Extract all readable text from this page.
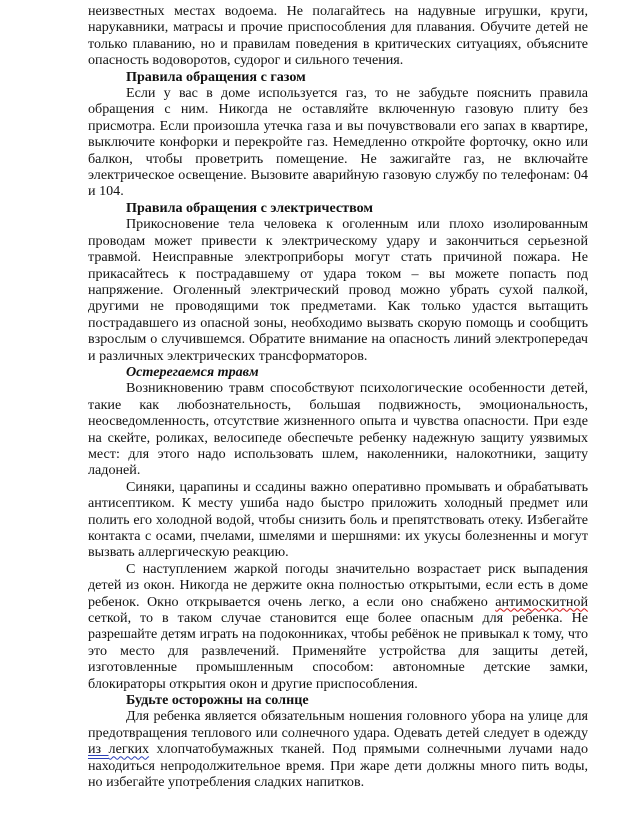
неизвестных местах водоема. Не полагайтесь на надувные игрушки, круги, нарукавники, матрасы и прочие приспособления для плавания. Обучите детей не только плаванию, но и правилам поведения в критических ситуациях, объясните опасность водоворотов, судорог и сильного течения.

Правила обращения с газом

Если у вас в доме используется газ, то не забудьте пояснить правила обращения с ним. Никогда не оставляйте включенную газовую плиту без присмотра. Если произошла утечка газа и вы почувствовали его запах в квартире, выключите конфорки и перекройте газ. Немедленно откройте форточку, окно или балкон, чтобы проветрить помещение. Не зажигайте газ, не включайте электрическое освещение. Вызовите аварийную газовую службу по телефонам: 04 и 104.

Правила обращения с электричеством

Прикосновение тела человека к оголенным или плохо изолированным проводам может привести к электрическому удару и закончиться серьезной травмой. Неисправные электроприборы могут стать причиной пожара. Не прикасайтесь к пострадавшему от удара током – вы можете попасть под напряжение. Оголенный электрический провод можно убрать сухой палкой, другими не проводящими ток предметами. Как только удастся вытащить пострадавшего из опасной зоны, необходимо вызвать скорую помощь и сообщить взрослым о случившемся. Обратите внимание на опасность линий электропередач и различных электрических трансформаторов.

Остерегаемся травм

Возникновению травм способствуют психологические особенности детей, такие как любознательность, большая подвижность, эмоциональность, неосведомленность, отсутствие жизненного опыта и чувства опасности. При езде на скейте, роликах, велосипеде обеспечьте ребенку надежную защиту уязвимых мест: для этого надо использовать шлем, наколенники, налокотники, защиту ладоней.

Синяки, царапины и ссадины важно оперативно промывать и обрабатывать антисептиком. К месту ушиба надо быстро приложить холодный предмет или полить его холодной водой, чтобы снизить боль и препятствовать отеку. Избегайте контакта с осами, пчелами, шмелями и шершнями: их укусы болезненны и могут вызвать аллергическую реакцию.

С наступлением жаркой погоды значительно возрастает риск выпадения детей из окон. Никогда не держите окна полностью открытыми, если есть в доме ребенок. Окно открывается очень легко, а если оно снабжено антимоскитной сеткой, то в таком случае становится еще более опасным для ребенка. Не разрешайте детям играть на подоконниках, чтобы ребёнок не привыкал к тому, что это место для развлечений. Применяйте устройства для защиты детей, изготовленные промышленным способом: автономные детские замки, блокираторы открытия окон и другие приспособления.

Будьте осторожны на солнце

Для ребенка является обязательным ношения головного убора на улице для предотвращения теплового или солнечного удара. Одевать детей следует в одежду из легких хлопчатобумажных тканей. Под прямыми солнечными лучами надо находиться непродолжительное время. При жаре дети должны много пить воды, но избегайте употребления сладких напитков.
